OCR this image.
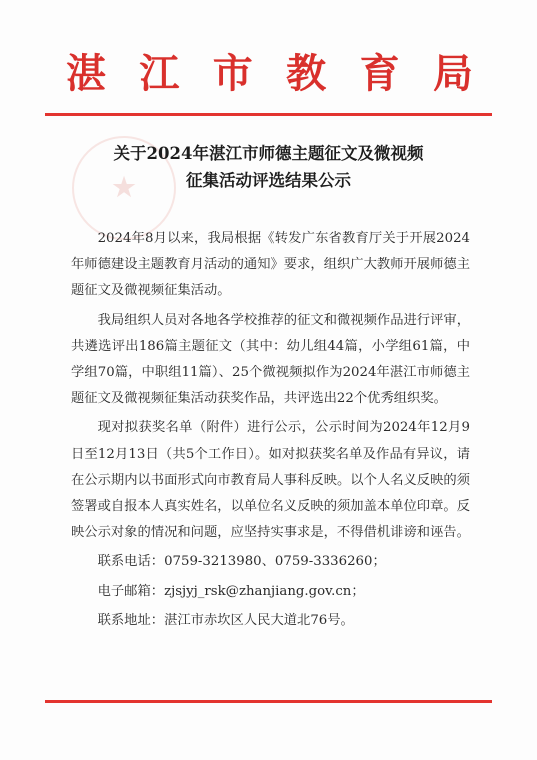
★
湛 江 市 教 育 局
关于2024年湛江市师德主题征文及微视频
征集活动评选结果公示

2024年8月以来，我局根据《转发广东省教育厅关于开展2024年师德建设主题教育月活动的通知》要求，组织广大教师开展师德主题征文及微视频征集活动。

我局组织人员对各地各学校推荐的征文和微视频作品进行评审，共遴选评出186篇主题征文（其中：幼儿组44篇，小学组61篇，中学组70篇，中职组11篇）、25个微视频拟作为2024年湛江市师德主题征文及微视频征集活动获奖作品，共评选出22个优秀组织奖。

现对拟获奖名单（附件）进行公示，公示时间为2024年12月9日至12月13日（共5个工作日）。如对拟获奖名单及作品有异议，请在公示期内以书面形式向市教育局人事科反映。以个人名义反映的须签署或自报本人真实姓名，以单位名义反映的须加盖本单位印章。反映公示对象的情况和问题，应坚持实事求是，不得借机诽谤和诬告。

联系电话：0759-3213980、0759-3336260；

电子邮箱：zjsjyj_rsk@zhanjiang.gov.cn；

联系地址：湛江市赤坎区人民大道北76号。
